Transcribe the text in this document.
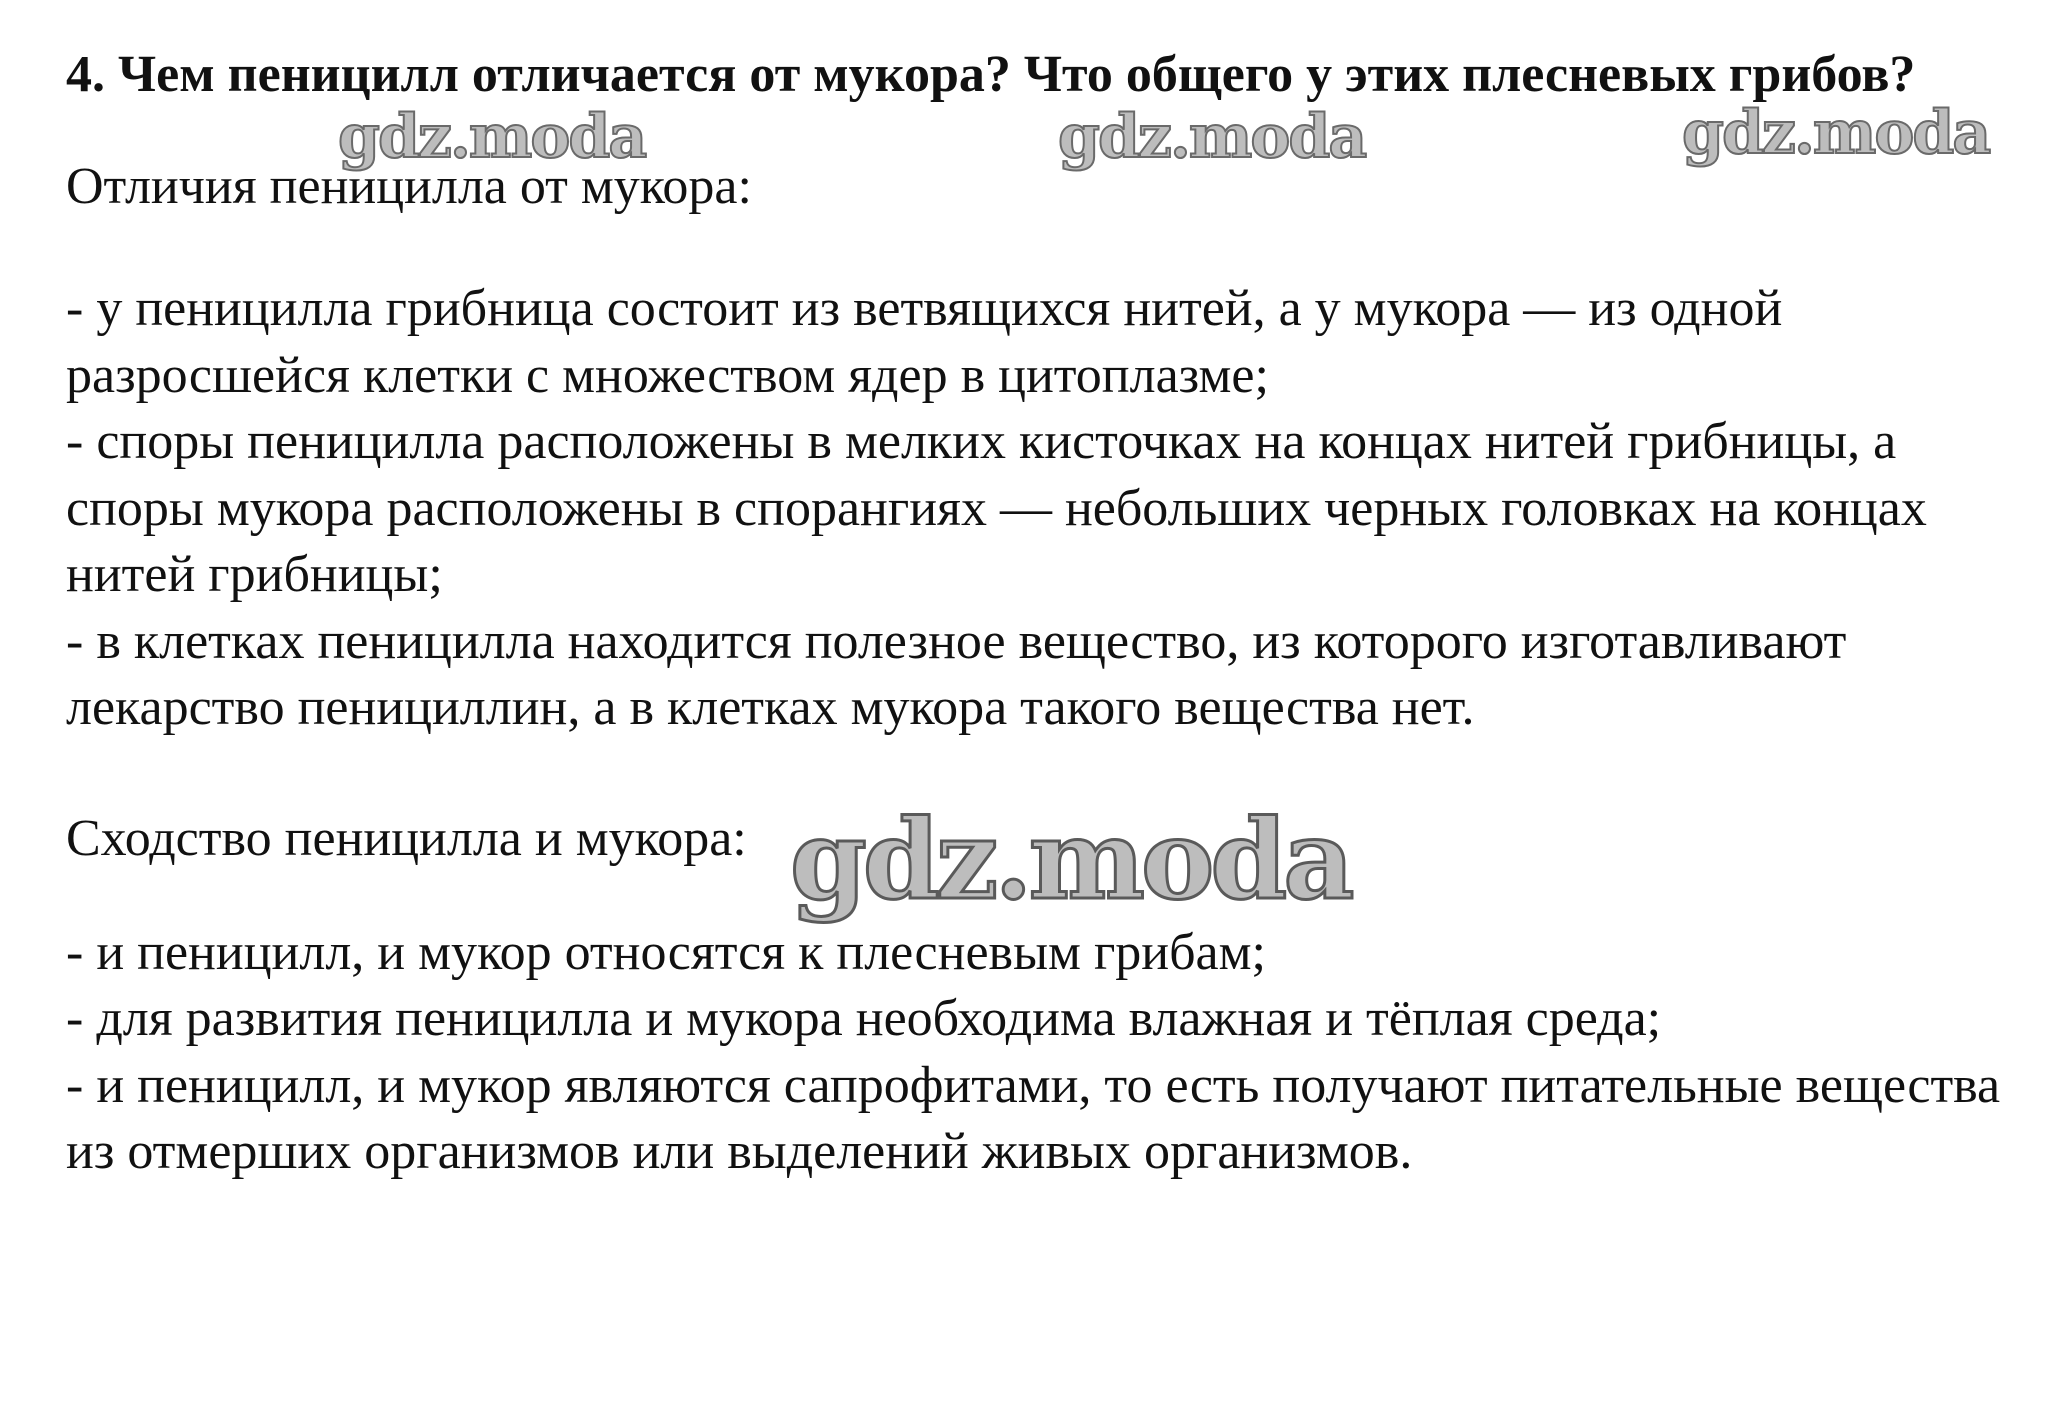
4. Чем пеницилл отличается от мукора? Что общего у этих плесневых грибов?

Отличия пеницилла от мукора:

- у пеницилла грибница состоит из ветвящихся нитей, а у мукора — из одной разросшейся клетки с множеством ядер в цитоплазме;
- споры пеницилла расположены в мелких кисточках на концах нитей грибницы, а споры мукора расположены в спорангиях — небольших черных головках на концах нитей грибницы;
- в клетках пеницилла находится полезное вещество, из которого изготавливают лекарство пенициллин, а в клетках мукора такого вещества нет.

Сходство пеницилла и мукора:

- и пеницилл, и мукор относятся к плесневым грибам;
- для развития пеницилла и мукора необходима влажная и тёплая среда;
- и пеницилл, и мукор являются сапрофитами, то есть получают питательные вещества из отмерших организмов или выделений живых организмов.
gdz.moda	gdz.moda	gdz.moda
gdz.moda
